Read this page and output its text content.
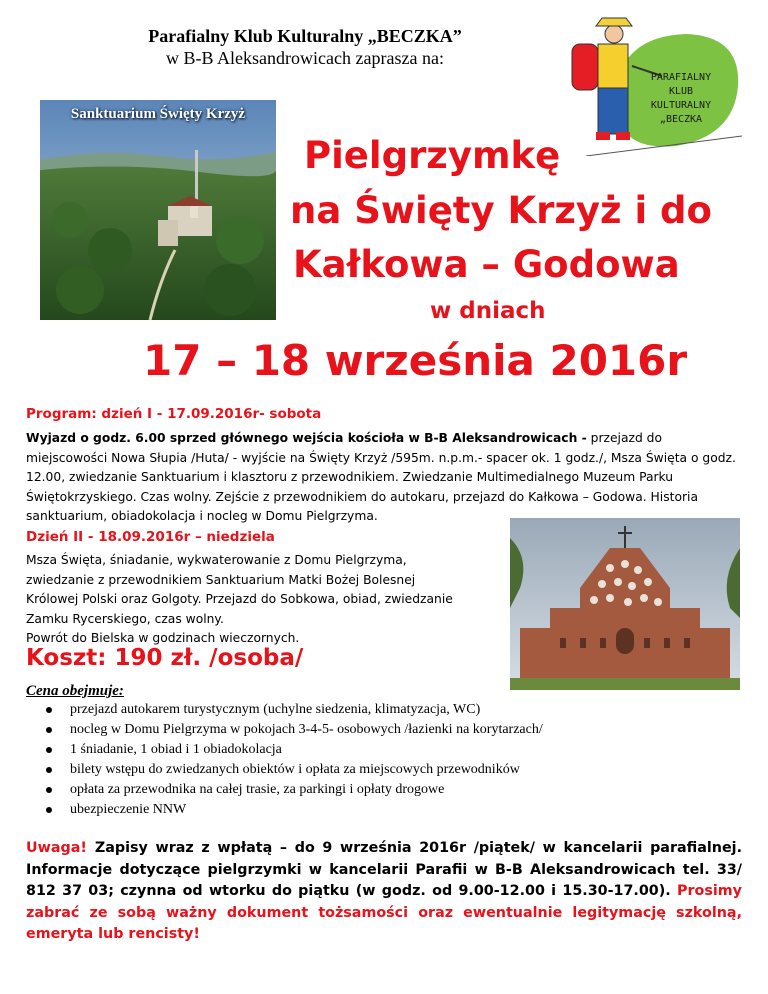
Parafialny Klub Kulturalny „BECZKA”
w B-B Aleksandrowicach zaprasza na:
Sanktuarium Święty Krzyż
PARAFIALNY
KLUB
KULTURALNY
„BECZKA
Pielgrzymkę
na Święty Krzyż i do
Kałkowa – Godowa
w dniach
17 – 18 września 2016r
Program: dzień I - 17.09.2016r- sobota
Wyjazd o godz. 6.00 sprzed głównego wejścia kościoła w B-B Aleksandrowicach - przejazd do miejscowości Nowa Słupia /Huta/ - wyjście na Święty Krzyż /595m. n.p.m.- spacer ok. 1 godz./, Msza Święta o godz. 12.00, zwiedzanie Sanktuarium i klasztoru z przewodnikiem. Zwiedzanie Multimedialnego Muzeum Parku Świętokrzyskiego. Czas wolny. Zejście z przewodnikiem do autokaru, przejazd do Kałkowa – Godowa. Historia sanktuarium, obiadokolacja i nocleg w Domu Pielgrzyma.
Dzień II - 18.09.2016r – niedziela
Msza Święta, śniadanie, wykwaterowanie z Domu Pielgrzyma,
zwiedzanie z przewodnikiem Sanktuarium Matki Bożej Bolesnej
Królowej Polski oraz Golgoty. Przejazd do Sobkowa, obiad, zwiedzanie
Zamku Rycerskiego, czas wolny.
Powrót do Bielska w godzinach wieczornych.
Koszt: 190 zł. /osoba/
Cena obejmuje:
przejazd autokarem turystycznym (uchylne siedzenia, klimatyzacja, WC)
nocleg w Domu Pielgrzyma w pokojach 3-4-5- osobowych /łazienki na korytarzach/
1 śniadanie, 1 obiad i 1 obiadokolacja
bilety wstępu do zwiedzanych obiektów i opłata za miejscowych przewodników
opłata za przewodnika na całej trasie, za parkingi i opłaty drogowe
ubezpieczenie NNW
Uwaga! Zapisy wraz z wpłatą – do 9 września 2016r /piątek/ w kancelarii parafialnej. Informacje dotyczące pielgrzymki w kancelarii Parafii w B-B Aleksandrowicach tel. 33/ 812 37 03; czynna od wtorku do piątku (w godz. od 9.00-12.00 i 15.30-17.00). Prosimy zabrać ze sobą ważny dokument tożsamości oraz ewentualnie legitymację szkolną, emeryta lub rencisty!
